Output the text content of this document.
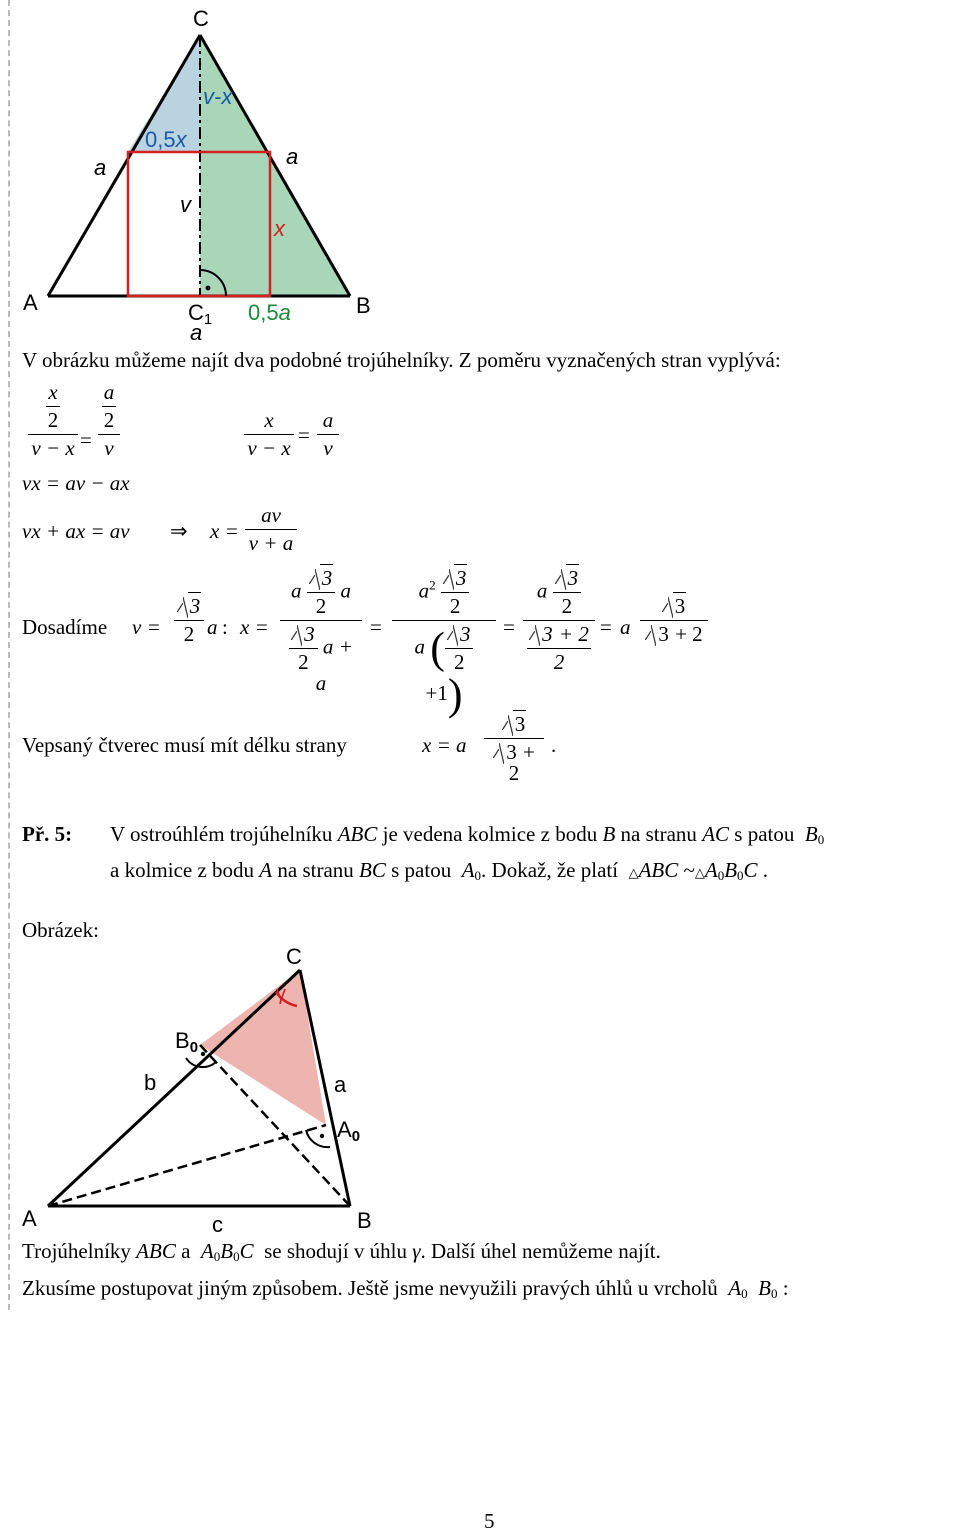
C
v-x
0,5x
a	a
v
x
A	B
C1 0,5a
a
V obrázku můžeme najít dva podobné trojúhelníky. Z poměru vyznačených stran vyplývá:
$\frac{\frac{x}{2}}{v - x} = \frac{\frac{a}{2}}{v}$	$\frac{x}{v - x} = \frac{a}{v}$
vx = av − ax
vx + ax = av ⇒ $x = \frac{av}{v + a}$
Dosadíme $v = \frac{3}{2}$ a : $x = \frac{a \frac{3}{2} a}{\frac{3}{2} a + a} = a^2 \frac{3}{2}$
a ( $\frac{3}{2}$
$+1) = \frac{a \frac{3}{2}}{\frac{3 + 2}{2}} = a \frac{3}{3 + 2}$
Vepsaný čtverec musí mít délku strany	x = a $\frac{3}{3 + 2}$ .
Př. 5: V ostroúhlém trojúhelníku ABC je vedena kolmice z bodu B na stranu AC s patou $B_0$
a kolmice z bodu A na stranu BC s patou $A_0$. Dokaž, že platí △ABC $\sim\triangle A_0B_0C$ .
Obrázek:
C
γ
B0
b	a
A0
A	c	B
Trojúhelníky ABC a $A_0B_0C$ se shodují v úhlu γ. Další úhel nemůžeme najít.
Zkusíme postupovat jiným způsobem. Ještě jsme nevyužili pravých úhlů u vrcholů $A_0$ $B_0$ :
5
